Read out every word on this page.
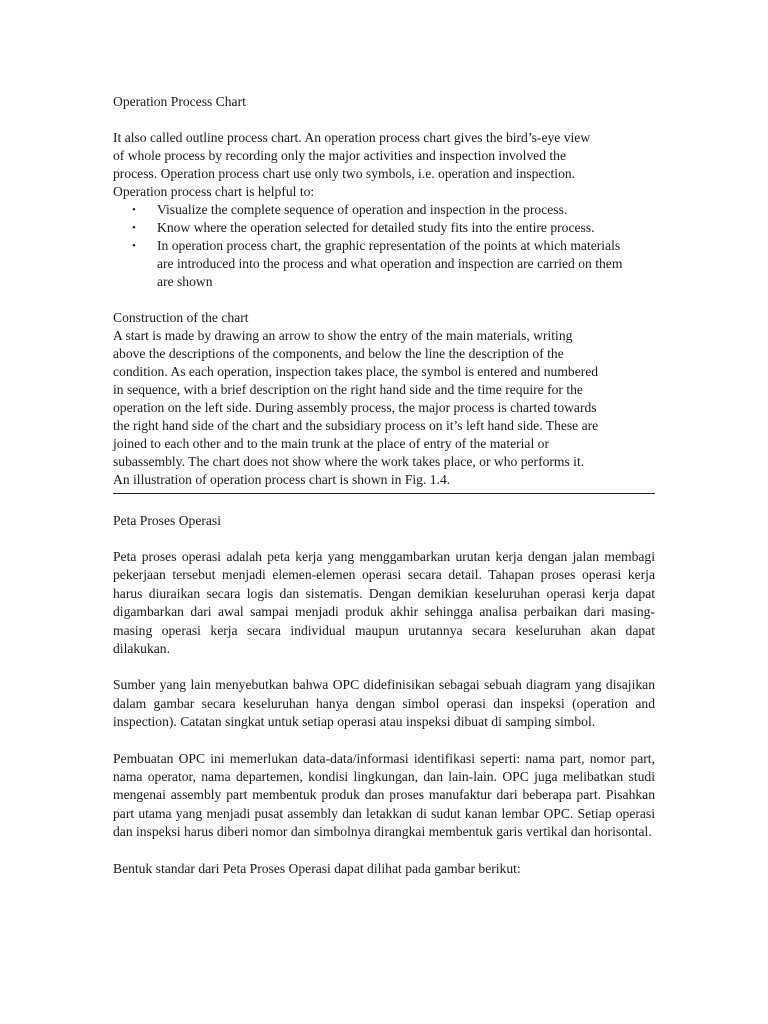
Operation Process Chart

It also called outline process chart. An operation process chart gives the bird’s-eye view

of whole process by recording only the major activities and inspection involved the

process. Operation process chart use only two symbols, i.e. operation and inspection.

Operation process chart is helpful to:

• Visualize the complete sequence of operation and inspection in the process.
• Know where the operation selected for detailed study fits into the entire process.
• In operation process chart, the graphic representation of the points at which materials are introduced into the process and what operation and inspection are carried on them are shown

Construction of the chart

A start is made by drawing an arrow to show the entry of the main materials, writing

above the descriptions of the components, and below the line the description of the

condition. As each operation, inspection takes place, the symbol is entered and numbered

in sequence, with a brief description on the right hand side and the time require for the

operation on the left side. During assembly process, the major process is charted towards

the right hand side of the chart and the subsidiary process on it’s left hand side. These are

joined to each other and to the main trunk at the place of entry of the material or

subassembly. The chart does not show where the work takes place, or who performs it.

An illustration of operation process chart is shown in Fig. 1.4.

Peta Proses Operasi

Peta proses operasi adalah peta kerja yang menggambarkan urutan kerja dengan jalan membagi pekerjaan tersebut menjadi elemen-elemen operasi secara detail. Tahapan proses operasi kerja harus diuraikan secara logis dan sistematis. Dengan demikian keseluruhan operasi kerja dapat digambarkan dari awal sampai menjadi produk akhir sehingga analisa perbaikan dari masing-masing operasi kerja secara individual maupun urutannya secara keseluruhan akan dapat dilakukan.

Sumber yang lain menyebutkan bahwa OPC didefinisikan sebagai sebuah diagram yang disajikan dalam gambar secara keseluruhan hanya dengan simbol operasi dan inspeksi (operation and inspection). Catatan singkat untuk setiap operasi atau inspeksi dibuat di samping simbol.

Pembuatan OPC ini memerlukan data-data/informasi identifikasi seperti: nama part, nomor part, nama operator, nama departemen, kondisi lingkungan, dan lain-lain. OPC juga melibatkan studi mengenai assembly part membentuk produk dan proses manufaktur dari beberapa part. Pisahkan part utama yang menjadi pusat assembly dan letakkan di sudut kanan lembar OPC. Setiap operasi dan inspeksi harus diberi nomor dan simbolnya dirangkai membentuk garis vertikal dan horisontal.

Bentuk standar dari Peta Proses Operasi dapat dilihat pada gambar berikut:
